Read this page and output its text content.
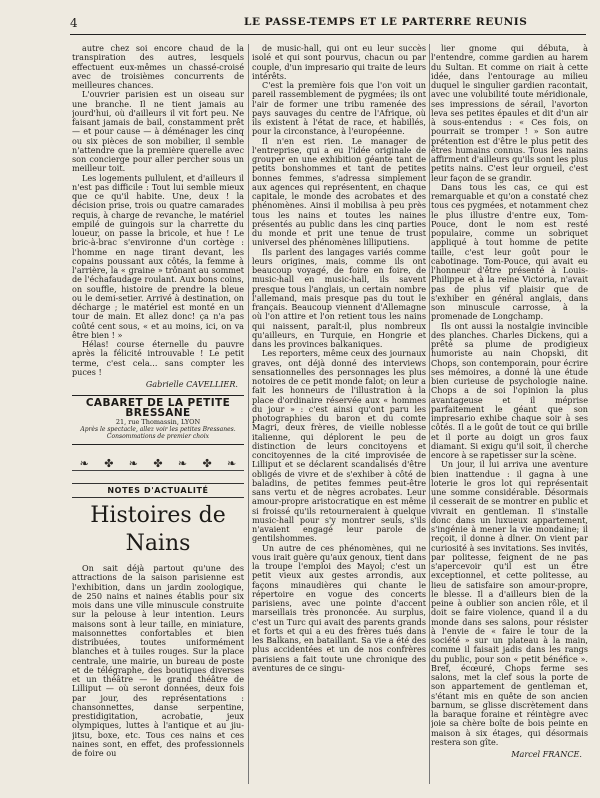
4	LE PASSE-TEMPS ET LE PARTERRE REUNIS

autre chez soi encore chaud de la transpiration des autres, lesquels effectuent eux-mêmes un chassé-croisé avec de troisièmes concurrents de meilleures chances.

L'ouvrier parisien est un oiseau sur une branche. Il ne tient jamais au jourd'hui, où d'ailleurs il vit fort peu. Ne faisant jamais de bail, constamment prêt — et pour cause — à déménager les cinq ou six pièces de son mobilier, il semble n'attendre que la première querelle avec son concierge pour aller percher sous un meilleur toit.

Les logements pullulent, et d'ailleurs il n'est pas difficile : Tout lui semble mieux que ce qu'il habite. Une, deux ! la décision prise, trois ou quatre camarades requis, à charge de revanche, le matériel empilé de guingois sur la charrette du loueur, on passe la bricole, et hue ! Le bric-à-brac s'environne d'un cortège : l'homme en nage tirant devant, les copains poussant aux côtés, la femme à l'arrière, la « graine » trônant au sommet de l'échafaudage roulant. Aux bons coins, on souffle, histoire de prendre la bleue ou le demi-setier. Arrivé à destination, on décharge ; le matériel est monté en un tour de main. Et allez donc! ça n'a pas coûté cent sous, « et au moins, ici, on va être bien ! »

Hélas! course éternelle du pauvre après la félicité introuvable ! Le petit terme, c'est cela... sans compter les puces !

Gabrielle CAVELLIER.
CABARET DE LA PETITE BRESSANE
21, rue Thomassin, LYON
Après le spectacle, allez voir les petites Bressanes.
Consommations de premier choix
❧ ✤ ❧ ✤ ❧ ✤ ❧
NOTES D'ACTUALITÉ
Histoires de Nains

On sait déjà partout qu'une des attractions de la saison parisienne est l'exhibition, dans un jardin zoologique, de 250 nains et naines établis pour six mois dans une ville minuscule construite sur la pelouse à leur intention. Leurs maisons sont à leur taille, en miniature, maisonnettes confortables et bien distribuées, toutes uniformément blanches et à tuiles rouges. Sur la place centrale, une mairie, un bureau de poste et de télégraphe, des boutiques diverses et un théâtre — le grand théâtre de Lilliput — où seront données, deux fois par jour, des représentations : chansonnettes, danse serpentine, prestidigitation, acrobatie, jeux olympiques, luttes à l'antique et au jiu-jitsu, boxe, etc. Tous ces nains et ces naines sont, en effet, des professionnels de foire ou

de music-hall, qui ont eu leur succès isolé et qui sont pourvus, chacun ou par couple, d'un impresario qui traite de leurs intérêts.

C'est la première fois que l'on voit un pareil rassemblement de pygmées; ils ont l'air de former une tribu ramenée des pays sauvages du centre de l'Afrique, où ils existent à l'état de race, et habillés, pour la circonstance, à l'européenne.

Il n'en est rien. Le manager de l'entreprise, qui a eu l'idée originale de grouper en une exhibition géante tant de petits bonshommes et tant de petites bonnes femmes, s'adressa simplement aux agences qui représentent, en chaque capitale, le monde des acrobates et des phénomènes. Ainsi il mobilisa à peu près tous les nains et toutes les naines présentés au public dans les cinq parties du monde et prit une tenue de trust universel des phénomènes lilliputiens.

Ils parlent des langages variés comme leurs origines, mais, comme ils ont beaucoup voyagé, de foire en foire, de music-hall en music-hall, ils savent presque tous l'anglais, un certain nombre l'allemand, mais presque pas du tout le français. Beaucoup viennent d'Allemagne où l'on attire et l'on retient tous les nains qui naissent, paraît-il, plus nombreux qu'ailleurs, en Turquie, en Hongrie et dans les provinces balkaniques.

Les reporters, même ceux des journaux graves, ont déjà donné des interviews sensationnelles des personnages les plus notoires de ce petit monde falot; on leur a fait les honneurs de l'illustration à la place d'ordinaire réservée aux « hommes du jour » : c'est ainsi qu'ont paru les photographies du baron et du comte Magri, deux frères, de vieille noblesse italienne, qui déplorent le peu de distinction de leurs concitoyens et concitoyennes de la cité improvisée de Lilliput et se déclarent scandalisés d'être obligés de vivre et de s'exhiber à côté de baladins, de petites femmes peut-être sans vertu et de nègres acrobates. Leur amour-propre aristocratique en est même si froissé qu'ils retourneraient à quelque music-hall pour s'y montrer seuls, s'ils n'avaient engagé leur parole de gentilshommes.

Un autre de ces phénomènes, qui ne vous irait guère qu'aux genoux, tient dans la troupe l'emploi des Mayol; c'est un petit vieux aux gestes arrondis, aux façons minaudières qui chante le répertoire en vogue des concerts parisiens, avec une pointe d'accent marseillais très prononcée. Au surplus, c'est un Turc qui avait des parents grands et forts et qui a eu des frères tués dans les Balkans, en bataillant. Sa vie a été des plus accidentées et un de nos confrères parisiens a fait toute une chronique des aventures de ce singu-

lier gnome qui débuta, à l'entendre, comme gardien au harem du Sultan. Et comme on riait à cette idée, dans l'entourage au milieu duquel le singulier gardien racontait, avec une volubilité toute méridionale, ses impressions de sérail, l'avorton leva ses petites épaules et dit d'un air à sous-entendus : « Ces fois, on pourrait se tromper ! » Son autre prétention est d'être le plus petit des êtres humains connus. Tous les nains affirment d'ailleurs qu'ils sont les plus petits nains. C'est leur orgueil, c'est leur façon de se grandir.

Dans tous les cas, ce qui est remarquable et qu'on a constaté chez tous ces pygmées, et notamment chez le plus illustre d'entre eux, Tom-Pouce, dont le nom est resté populaire, comme un sobriquet appliqué à tout homme de petite taille, c'est leur goût pour le cabotinage. Tom-Pouce, qui avait eu l'honneur d'être présenté à Louis-Philippe et à la reine Victoria, n'avait pas de plus vif plaisir que de s'exhiber en général anglais, dans son minuscule carrosse, à la promenade de Longchamp.

Ils ont aussi la nostalgie invincible des planches. Charles Dickens, qui a prêté sa plume de prodigieux humoriste au nain Chopski, dit Chops, son contemporain, pour écrire ses mémoires, a donné là une étude bien curieuse de psychologie naine. Chops a de soi l'opinion la plus avantageuse et il méprise parfaitement le géant que son impresario exhibe chaque soir à ses côtés. Il a le goût de tout ce qui brille et il porte au doigt un gros faux diamant. Si exigu qu'il soit, il cherche encore à se rapetisser sur la scène.

Un jour, il lui arriva une aventure bien inattendue : il gagna à une loterie le gros lot qui représentait une somme considérable. Désormais il cesserait de se montrer en public et vivrait en gentleman. Il s'installe donc dans un luxueux appartement, s'ingénie à mener la vie mondaine; il reçoit, il donne à dîner. On vient par curiosité à ses invitations. Ses invités, par politesse, feignent de ne pas s'apercevoir qu'il est un être exceptionnel, et cette politesse, au lieu de satisfaire son amour-propre, le blesse. Il a d'ailleurs bien de la peine à oublier son ancien rôle, et il doit se faire violence, quand il a du monde dans ses salons, pour résister à l'envie de « faire le tour de la société » sur un plateau à la main, comme il faisait jadis dans les rangs du public, pour son « petit bénéfice ». Bref, écœuré, Chops ferme ses salons, met la clef sous la porte de son appartement de gentleman et, s'étant mis en quête de son ancien barnum, se glisse discrètement dans la baraque foraine et réintègre avec joie sa chère boîte de bois peinte en maison à six étages, qui désormais restera son gîte.

Marcel FRANCE.
